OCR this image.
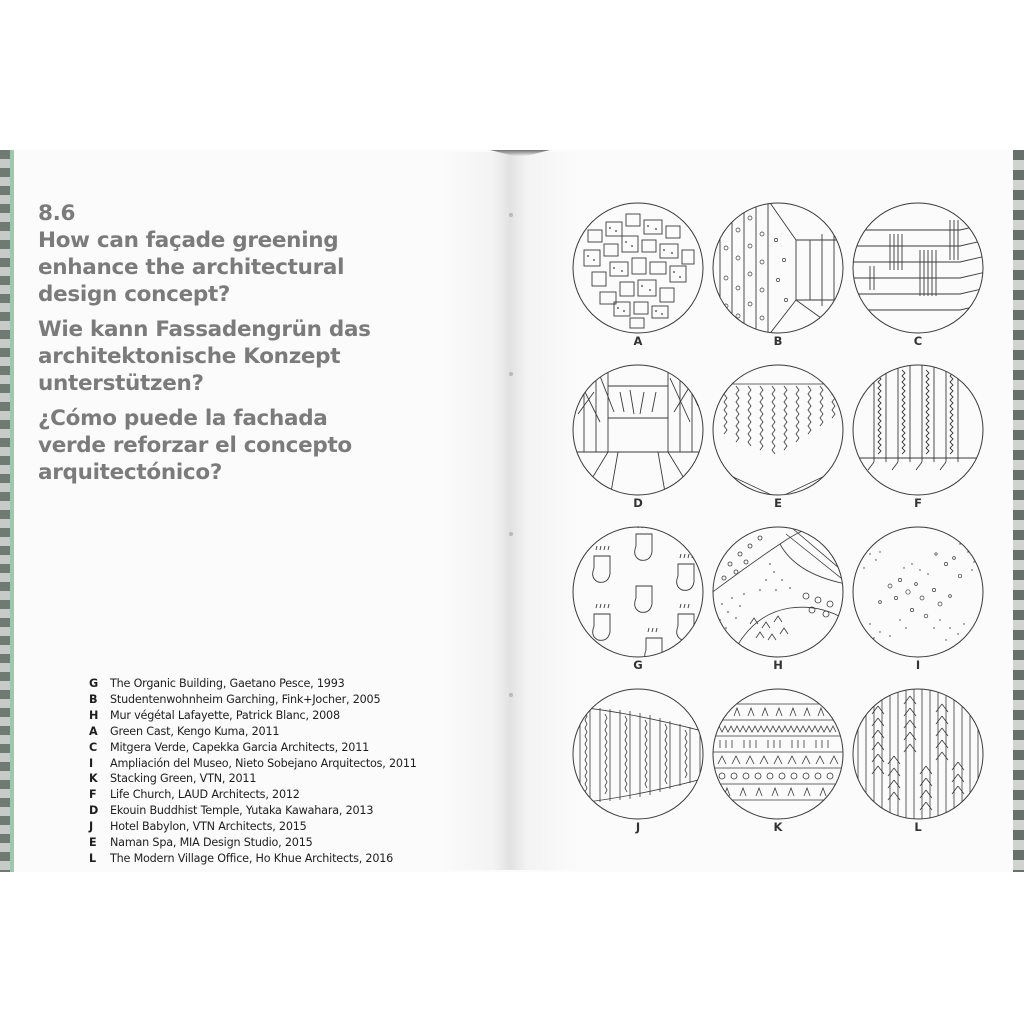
8.6
How can façade greening
enhance the architectural
design concept?
Wie kann Fassadengrün das
architektonische Konzept
unterstützen?
¿Cómo puede la fachada
verde reforzar el concepto
arquitectónico?
G	The Organic Building, Gaetano Pesce, 1993
B	Studentenwohnheim Garching, Fink+Jocher, 2005
H	Mur végétal Lafayette, Patrick Blanc, 2008
A	Green Cast, Kengo Kuma, 2011
C	Mitgera Verde, Capekka Garcia Architects, 2011
I	Ampliación del Museo, Nieto Sobejano Arquitectos, 2011
K	Stacking Green, VTN, 2011
F	Life Church, LAUD Architects, 2012
D	Ekouin Buddhist Temple, Yutaka Kawahara, 2013
J	Hotel Babylon, VTN Architects, 2015
E	Naman Spa, MIA Design Studio, 2015
L	The Modern Village Office, Ho Khue Architects, 2016
A	B	C
D	E	F
G	H	I
J	K	L
